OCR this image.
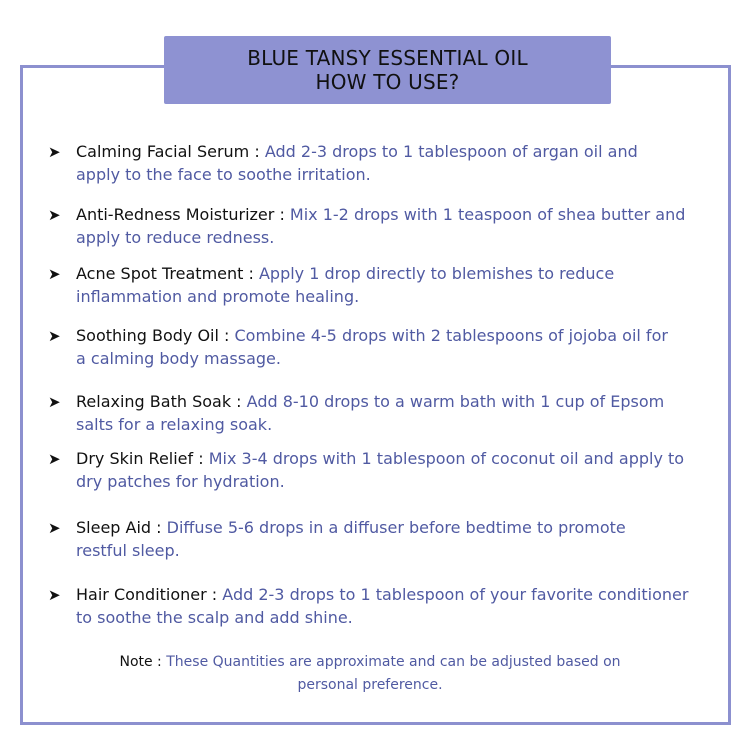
BLUE TANSY ESSENTIAL OIL
HOW TO USE?
➤ Calming Facial Serum : Add 2-3 drops to 1 tablespoon of argan oil and
apply to the face to soothe irritation.
➤ Anti-Redness Moisturizer : Mix 1-2 drops with 1 teaspoon of shea butter and
apply to reduce redness.
➤ Acne Spot Treatment : Apply 1 drop directly to blemishes to reduce
inflammation and promote healing.
➤ Soothing Body Oil : Combine 4-5 drops with 2 tablespoons of jojoba oil for
a calming body massage.
➤ Relaxing Bath Soak : Add 8-10 drops to a warm bath with 1 cup of Epsom
salts for a relaxing soak.
➤ Dry Skin Relief : Mix 3-4 drops with 1 tablespoon of coconut oil and apply to
dry patches for hydration.
➤ Sleep Aid : Diffuse 5-6 drops in a diffuser before bedtime to promote
restful sleep.
➤ Hair Conditioner : Add 2-3 drops to 1 tablespoon of your favorite conditioner
to soothe the scalp and add shine.
Note : These Quantities are approximate and can be adjusted based on
personal preference.
